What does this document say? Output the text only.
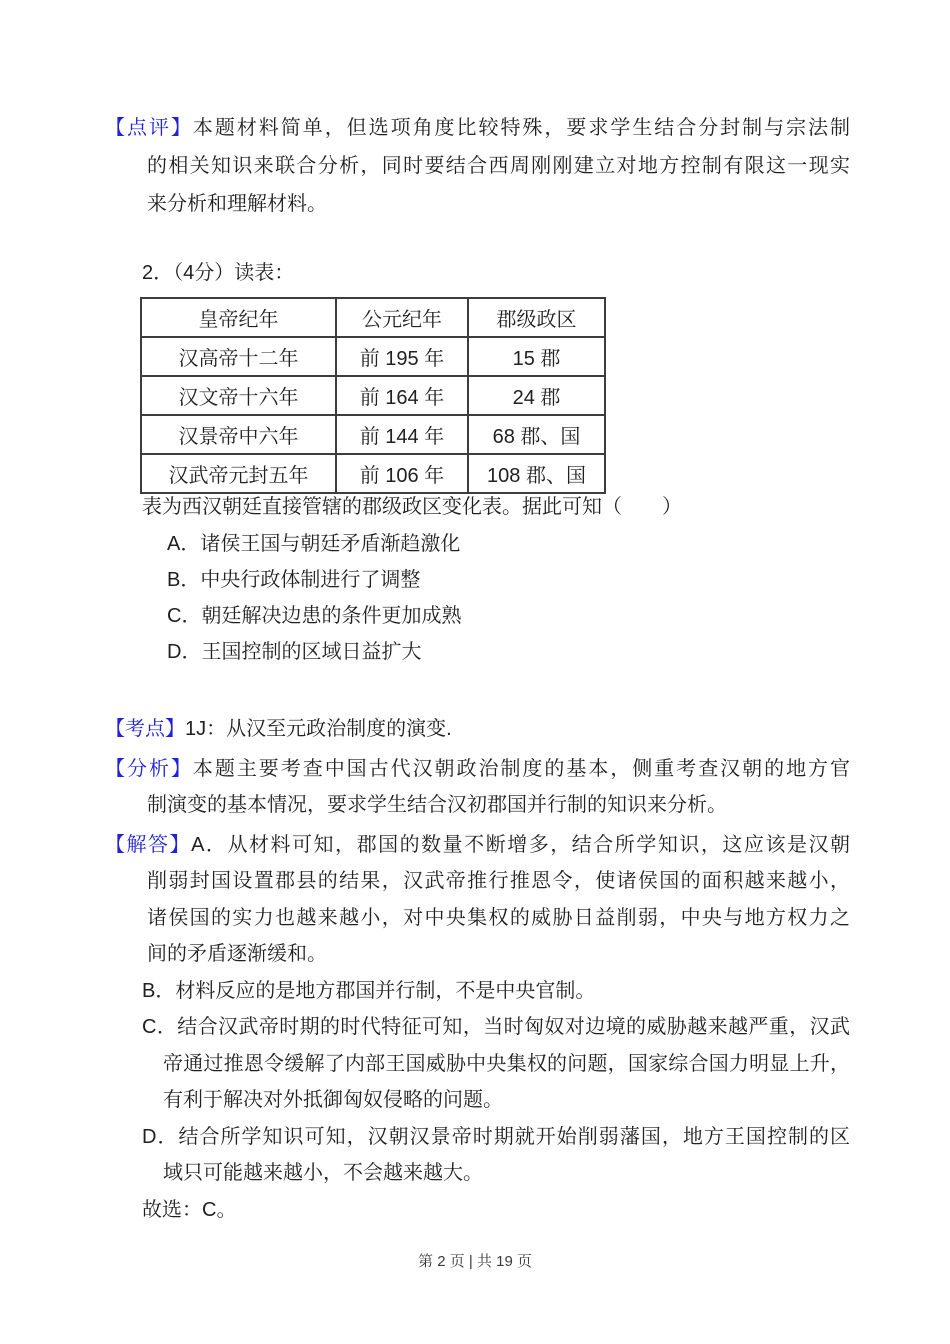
【点评】本题材料简单，但选项角度比较特殊，要求学生结合分封制与宗法制
的相关知识来联合分析，同时要结合西周刚刚建立对地方控制有限这一现实
来分析和理解材料。
2．（4分）读表：
皇帝纪年	公元纪年	郡级政区
汉高帝十二年	前 195 年	15 郡
汉文帝十六年	前 164 年	24 郡
汉景帝中六年	前 144 年	68 郡、国
汉武帝元封五年	前 106 年	108 郡、国
表为西汉朝廷直接管辖的郡级政区变化表。据此可知（　　）
A．诸侯王国与朝廷矛盾渐趋激化
B．中央行政体制进行了调整
C．朝廷解决边患的条件更加成熟
D．王国控制的区域日益扩大
【考点】1J：从汉至元政治制度的演变.
【分析】本题主要考查中国古代汉朝政治制度的基本，侧重考查汉朝的地方官
制演变的基本情况，要求学生结合汉初郡国并行制的知识来分析。
【解答】A．从材料可知，郡国的数量不断增多，结合所学知识，这应该是汉朝
削弱封国设置郡县的结果，汉武帝推行推恩令，使诸侯国的面积越来越小，
诸侯国的实力也越来越小，对中央集权的威胁日益削弱，中央与地方权力之
间的矛盾逐渐缓和。
B．材料反应的是地方郡国并行制，不是中央官制。
C．结合汉武帝时期的时代特征可知，当时匈奴对边境的威胁越来越严重，汉武
帝通过推恩令缓解了内部王国威胁中央集权的问题，国家综合国力明显上升，
有利于解决对外抵御匈奴侵略的问题。
D．结合所学知识可知，汉朝汉景帝时期就开始削弱藩国，地方王国控制的区
域只可能越来越小，不会越来越大。
故选：C。
第 2 页 | 共 19 页
